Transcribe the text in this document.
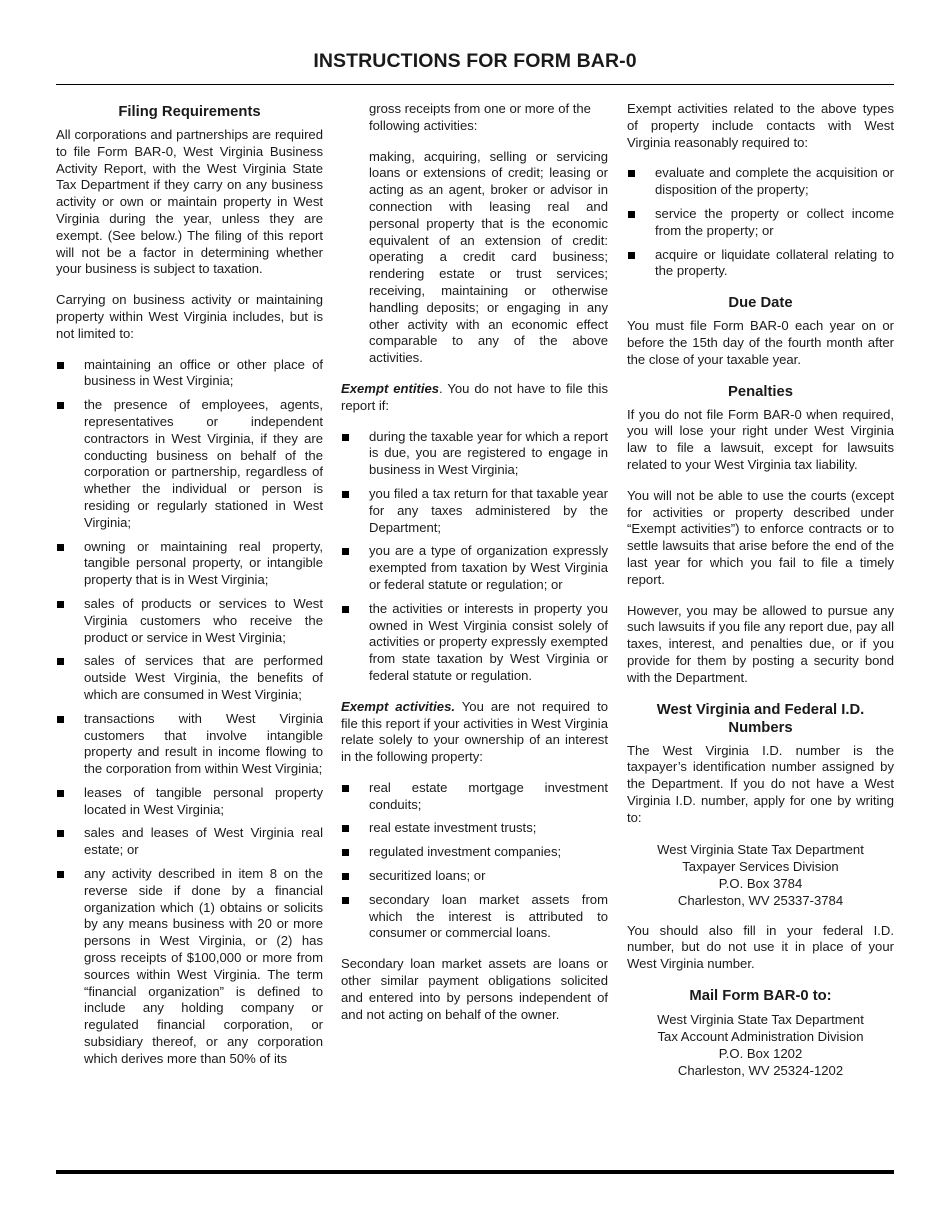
INSTRUCTIONS FOR FORM BAR-0
Filing Requirements

All corporations and partnerships are required to file Form BAR-0, West Virginia Business Activity Report, with the West Virginia State Tax Department if they carry on any business activity or own or maintain property in West Virginia during the year, unless they are exempt. (See below.) The filing of this report will not be a factor in determining whether your business is subject to taxation.

Carrying on business activity or maintaining property within West Virginia includes, but is not limited to:

maintaining an office or other place of business in West Virginia;
the presence of employees, agents, representatives or independent contractors in West Virginia, if they are conducting business on behalf of the corporation or partnership, regardless of whether the individual or person is residing or regularly stationed in West Virginia;
owning or maintaining real property, tangible personal property, or intangible property that is in West Virginia;
sales of products or services to West Virginia customers who receive the product or service in West Virginia;
sales of services that are performed outside West Virginia, the benefits of which are consumed in West Virginia;
transactions with West Virginia customers that involve intangible property and result in income flowing to the corporation from within West Virginia;
leases of tangible personal property located in West Virginia;
sales and leases of West Virginia real estate; or
any activity described in item 8 on the reverse side if done by a financial organization which (1) obtains or solicits by any means business with 20 or more persons in West Virginia, or (2) has gross receipts of $100,000 or more from sources within West Virginia. The term “financial organization” is defined to include any holding company or regulated financial corporation, or subsidiary thereof, or any corporation which derives more than 50% of its

gross receipts from one or more of the following activities:

making, acquiring, selling or servicing loans or extensions of credit; leasing or acting as an agent, broker or advisor in connection with leasing real and personal property that is the economic equivalent of an extension of credit: operating a credit card business; rendering estate or trust services; receiving, maintaining or otherwise handling deposits; or engaging in any other activity with an economic effect comparable to any of the above activities.

Exempt entities. You do not have to file this report if:

during the taxable year for which a report is due, you are registered to engage in business in West Virginia;
you filed a tax return for that taxable year for any taxes administered by the Department;
you are a type of organization expressly exempted from taxation by West Virginia or federal statute or regulation; or
the activities or interests in property you owned in West Virginia consist solely of activities or property expressly exempted from state taxation by West Virginia or federal statute or regulation.

Exempt activities. You are not required to file this report if your activities in West Virginia relate solely to your ownership of an interest in the following property:

real estate mortgage investment conduits;
real estate investment trusts;
regulated investment companies;
securitized loans; or
secondary loan market assets from which the interest is attributed to consumer or commercial loans.

Secondary loan market assets are loans or other similar payment obligations solicited and entered into by persons independent of and not acting on behalf of the owner.

Exempt activities related to the above types of property include contacts with West Virginia reasonably required to:

evaluate and complete the acquisition or disposition of the property;
service the property or collect income from the property; or
acquire or liquidate collateral relating to the property.
Due Date

You must file Form BAR-0 each year on or before the 15th day of the fourth month after the close of your taxable year.

Penalties

If you do not file Form BAR-0 when required, you will lose your right under West Virginia law to file a lawsuit, except for lawsuits related to your West Virginia tax liability.

You will not be able to use the courts (except for activities or property described under “Exempt activities”) to enforce contracts or to settle lawsuits that arise before the end of the last year for which you fail to file a timely report.

However, you may be allowed to pursue any such lawsuits if you file any report due, pay all taxes, interest, and penalties due, or if you provide for them by posting a security bond with the Department.

West Virginia and Federal I.D. Numbers

The West Virginia I.D. number is the taxpayer’s identification number assigned by the Department. If you do not have a West Virginia I.D. number, apply for one by writing to:

West Virginia State Tax Department
Taxpayer Services Division
P.O. Box 3784
Charleston, WV 25337-3784

You should also fill in your federal I.D. number, but do not use it in place of your West Virginia number.

Mail Form BAR-0 to:
West Virginia State Tax Department
Tax Account Administration Division
P.O. Box 1202
Charleston, WV 25324-1202
